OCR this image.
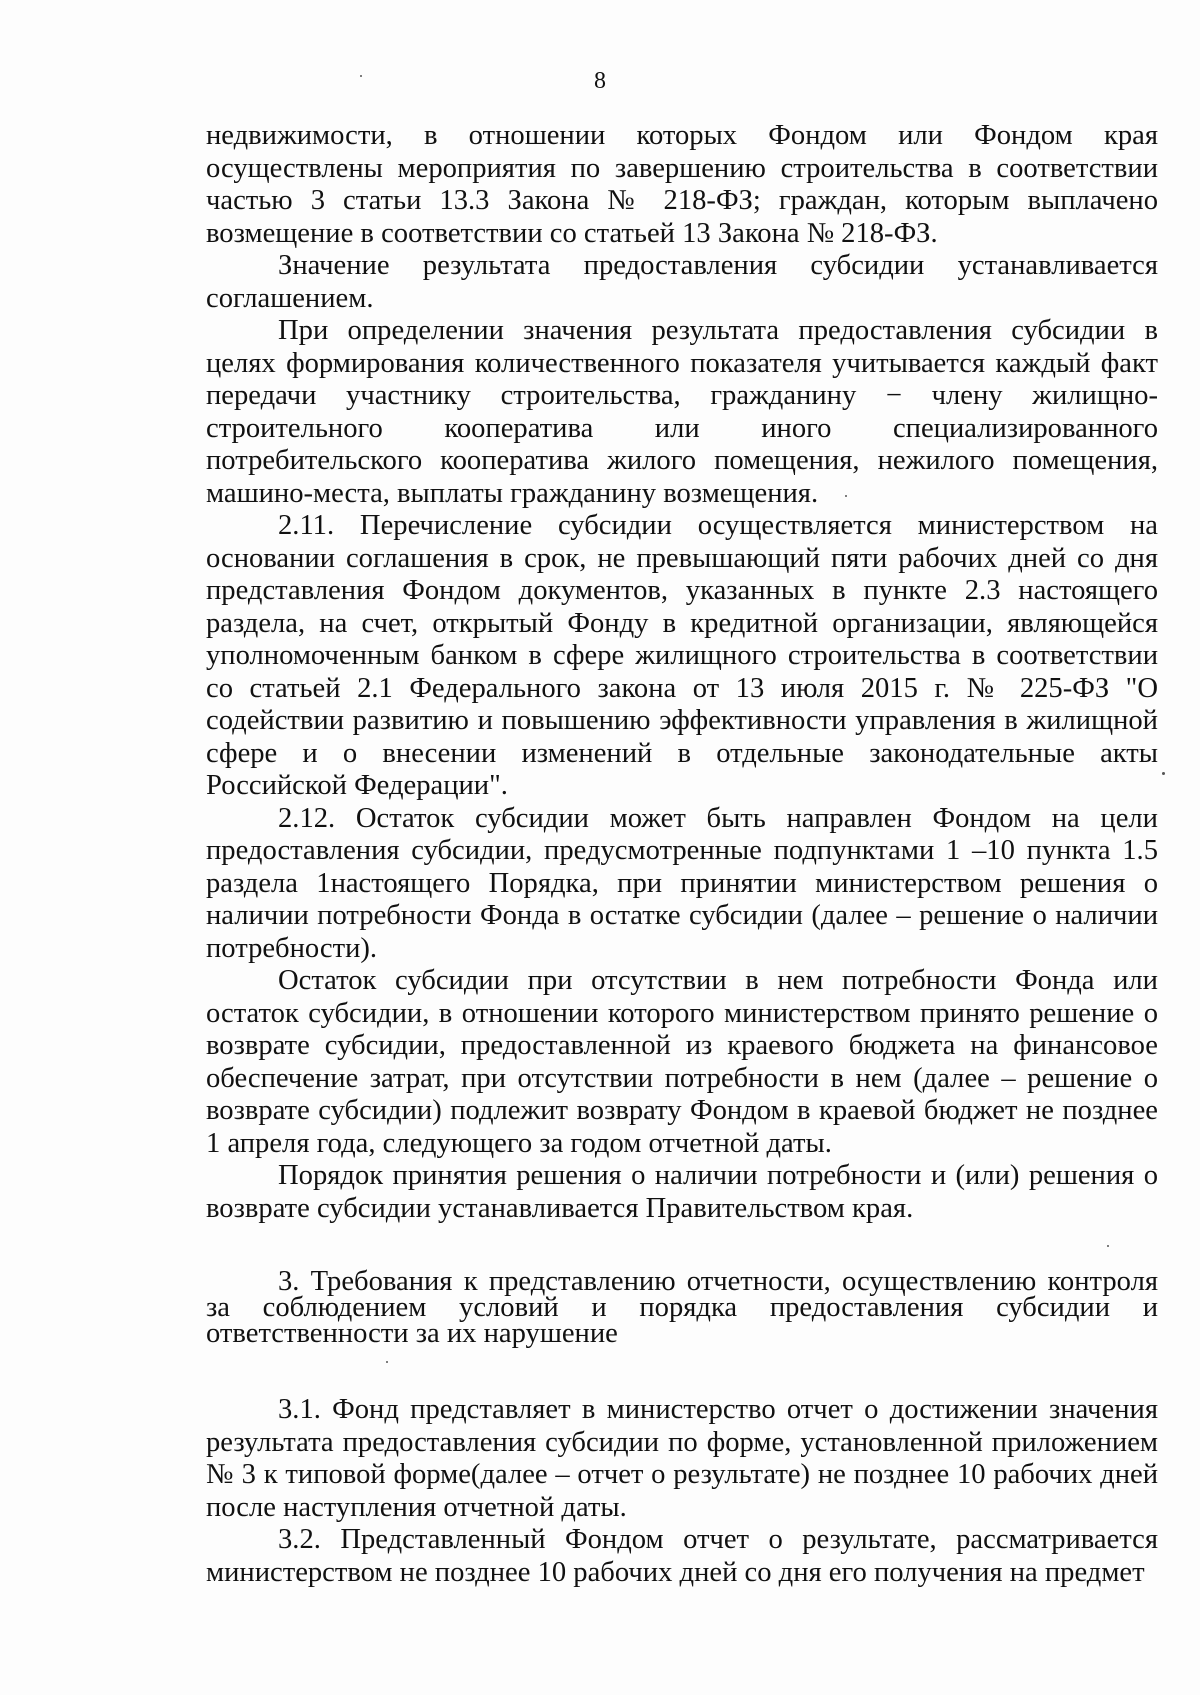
8

недвижимости, в отношении которых Фондом или Фондом края осуществлены мероприятия по завершению строительства в соответствии частью 3 статьи 13.3 Закона № 218-ФЗ; граждан, которым выплачено возмещение в соответствии со статьей 13 Закона № 218-ФЗ.

Значение результата предоставления субсидии устанавливается соглашением.

При определении значения результата предоставления субсидии в целях формирования количественного показателя учитывается каждый факт передачи участнику строительства, гражданину − члену жилищно-строительного кооператива или иного специализированного потребительского кооператива жилого помещения, нежилого помещения, машино-места, выплаты гражданину возмещения.

2.11. Перечисление субсидии осуществляется министерством на основании соглашения в срок, не превышающий пяти рабочих дней со дня представления Фондом документов, указанных в пункте 2.3 настоящего раздела, на счет, открытый Фонду в кредитной организации, являющейся уполномоченным банком в сфере жилищного строительства в соответствии со статьей 2.1 Федерального закона от 13 июля 2015 г. № 225-ФЗ "О содействии развитию и повышению эффективности управления в жилищной сфере и о внесении изменений в отдельные законодательные акты Российской Федерации".

2.12. Остаток субсидии может быть направлен Фондом на цели предоставления субсидии, предусмотренные подпунктами 1 –10 пункта 1.5 раздела 1настоящего Порядка, при принятии министерством решения о наличии потребности Фонда в остатке субсидии (далее – решение о наличии потребности).

Остаток субсидии при отсутствии в нем потребности Фонда или остаток субсидии, в отношении которого министерством принято решение о возврате субсидии, предоставленной из краевого бюджета на финансовое обеспечение затрат, при отсутствии потребности в нем (далее – решение о возврате субсидии) подлежит возврату Фондом в краевой бюджет не позднее 1 апреля года, следующего за годом отчетной даты.

Порядок принятия решения о наличии потребности и (или) решения о возврате субсидии устанавливается Правительством края.

3. Требования к представлению отчетности, осуществлению контроля за соблюдением условий и порядка предоставления субсидии и ответственности за их нарушение

3.1. Фонд представляет в министерство отчет о достижении значения результата предоставления субсидии по форме, установленной приложением № 3 к типовой форме(далее – отчет о результате) не позднее 10 рабочих дней после наступления отчетной даты.

3.2. Представленный Фондом отчет о результате, рассматривается министерством не позднее 10 рабочих дней со дня его получения на предмет
